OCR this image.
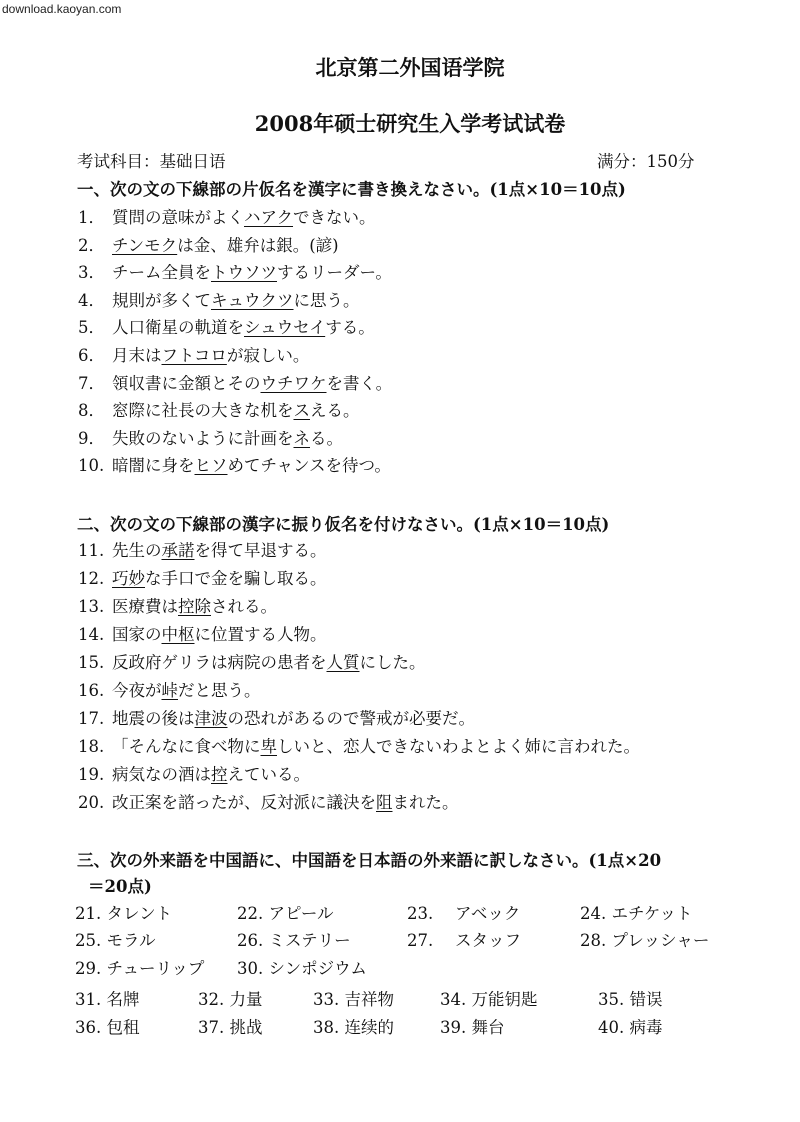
download.kaoyan.com
北京第二外国语学院
2008年硕士研究生入学考试试卷
考试科目：基础日语	满分：150分
一、次の文の下線部の片仮名を漢字に書き換えなさい。(1点×10＝10点)
1． 質問の意味がよくハアクできない。
2． チンモクは金、雄弁は銀。(諺)
3． チーム全員をトウソツするリーダー。
4． 規則が多くてキュウクツに思う。
5． 人口衛星の軌道をシュウセイする。
6． 月末はフトコロが寂しい。
7． 領収書に金額とそのウチワケを書く。
8． 窓際に社長の大きな机をスえる。
9． 失敗のないように計画をネる。
10. 暗闇に身をヒソめてチャンスを待つ。
二、次の文の下線部の漢字に振り仮名を付けなさい。(1点×10＝10点)
11. 先生の承諾を得て早退する。
12. 巧妙な手口で金を騙し取る。
13. 医療費は控除される。
14. 国家の中枢に位置する人物。
15. 反政府ゲリラは病院の患者を人質にした。
16. 今夜が峠だと思う。
17. 地震の後は津波の恐れがあるので警戒が必要だ。
18. 「そんなに食べ物に卑しいと、恋人できないわよとよく姉に言われた。
19. 病気なの酒は控えている。
20. 改正案を諮ったが、反対派に議決を阻まれた。
三、次の外来語を中国語に、中国語を日本語の外来語に訳しなさい。(1点×20
＝20点)
21. タレント	22. アピール	23.　 アベック	24. エチケット
25. モラル	26. ミステリー	27.　 スタッフ	28. プレッシャー
29. チューリップ 30. シンポジウム
31. 名牌	32. 力量	33. 吉祥物	34. 万能钥匙	35. 错误
36. 包租	37. 挑战	38. 连续的	39. 舞台	40. 病毒
